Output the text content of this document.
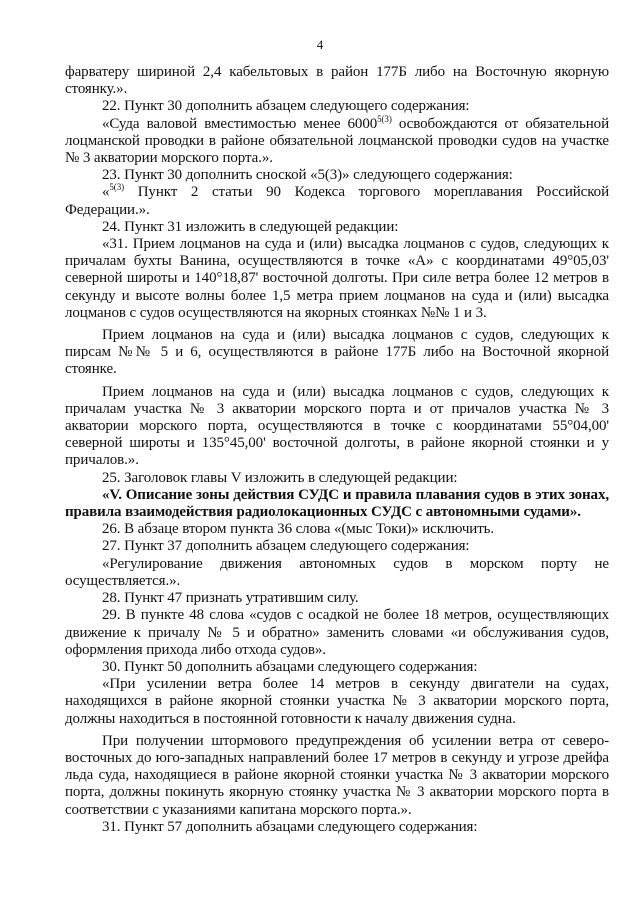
4

фарватеру шириной 2,4 кабельтовых в район 177Б либо на Восточную якорную стоянку.».

22. Пункт 30 дополнить абзацем следующего содержания:

«Суда валовой вместимостью менее $6000^{5(3)}$ освобождаются от обязательной лоцманской проводки в районе обязательной лоцманской проводки судов на участке № 3 акватории морского порта.».

23. Пункт 30 дополнить сноской «5(3)» следующего содержания:

«$^{5(3)}$ Пункт 2 статьи 90 Кодекса торгового мореплавания Российской Федерации.».

24. Пункт 31 изложить в следующей редакции:

«31. Прием лоцманов на суда и (или) высадка лоцманов с судов, следующих к причалам бухты Ванина, осуществляются в точке «А» с координатами 49°05,03' северной широты и 140°18,87' восточной долготы. При силе ветра более 12 метров в секунду и высоте волны более 1,5 метра прием лоцманов на суда и (или) высадка лоцманов с судов осуществляются на якорных стоянках №№ 1 и 3.

Прием лоцманов на суда и (или) высадка лоцманов с судов, следующих к пирсам №№ 5 и 6, осуществляются в районе 177Б либо на Восточной якорной стоянке.

Прием лоцманов на суда и (или) высадка лоцманов с судов, следующих к причалам участка № 3 акватории морского порта и от причалов участка № 3 акватории морского порта, осуществляются в точке с координатами 55°04,00' северной широты и 135°45,00' восточной долготы, в районе якорной стоянки и у причалов.».

25. Заголовок главы V изложить в следующей редакции:

«V. Описание зоны действия СУДС и правила плавания судов в этих зонах, правила взаимодействия радиолокационных СУДС с автономными судами».

26. В абзаце втором пункта 36 слова «(мыс Токи)» исключить.

27. Пункт 37 дополнить абзацем следующего содержания:

«Регулирование движения автономных судов в морском порту не осуществляется.».

28. Пункт 47 признать утратившим силу.

29. В пункте 48 слова «судов с осадкой не более 18 метров, осуществляющих движение к причалу № 5 и обратно» заменить словами «и обслуживания судов, оформления прихода либо отхода судов».

30. Пункт 50 дополнить абзацами следующего содержания:

«При усилении ветра более 14 метров в секунду двигатели на судах, находящихся в районе якорной стоянки участка № 3 акватории морского порта, должны находиться в постоянной готовности к началу движения судна.

При получении штормового предупреждения об усилении ветра от северо-восточных до юго-западных направлений более 17 метров в секунду и угрозе дрейфа льда суда, находящиеся в районе якорной стоянки участка № 3 акватории морского порта, должны покинуть якорную стоянку участка № 3 акватории морского порта в соответствии с указаниями капитана морского порта.».

31. Пункт 57 дополнить абзацами следующего содержания:
